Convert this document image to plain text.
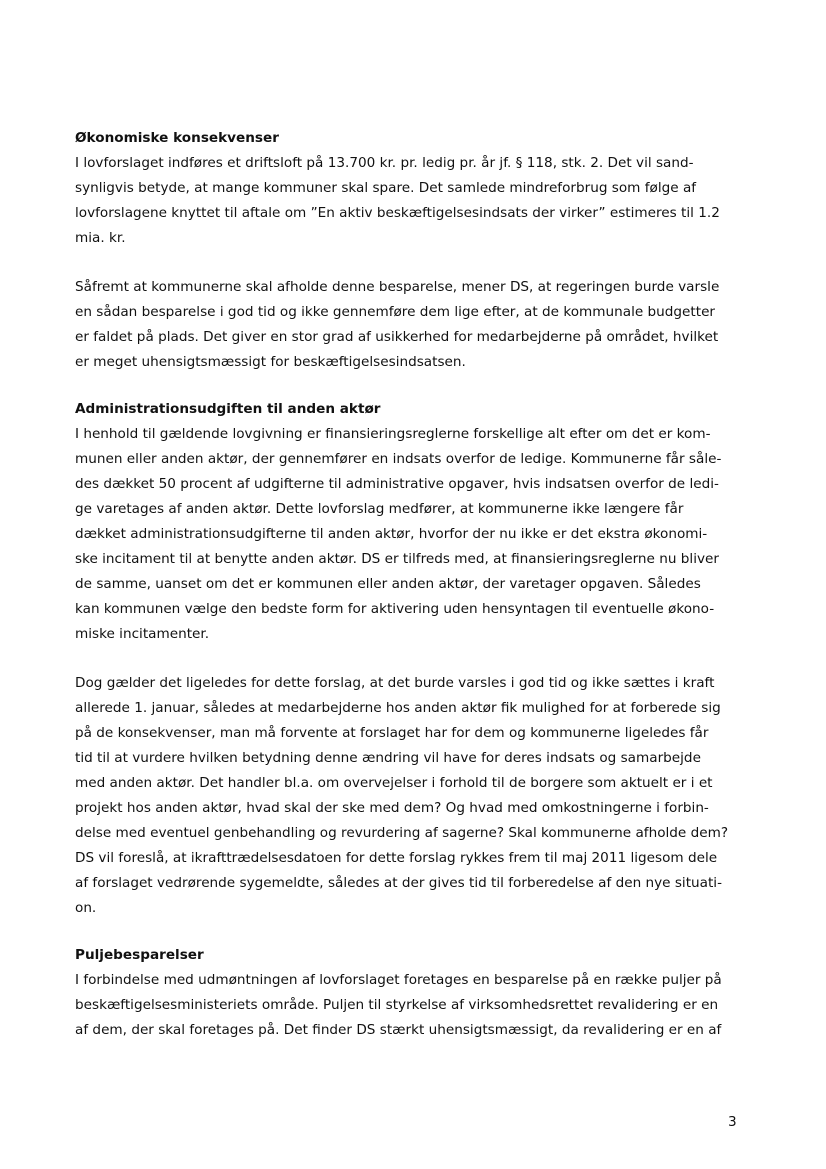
Økonomiske konsekvenser
I lovforslaget indføres et driftsloft på 13.700 kr. pr. ledig pr. år jf. § 118, stk. 2. Det vil sand-
synligvis betyde, at mange kommuner skal spare. Det samlede mindreforbrug som følge af
lovforslagene knyttet til aftale om ”En aktiv beskæftigelsesindsats der virker” estimeres til 1.2
mia. kr.
Såfremt at kommunerne skal afholde denne besparelse, mener DS, at regeringen burde varsle
en sådan besparelse i god tid og ikke gennemføre dem lige efter, at de kommunale budgetter
er faldet på plads. Det giver en stor grad af usikkerhed for medarbejderne på området, hvilket
er meget uhensigtsmæssigt for beskæftigelsesindsatsen.
Administrationsudgiften til anden aktør
I henhold til gældende lovgivning er finansieringsreglerne forskellige alt efter om det er kom-
munen eller anden aktør, der gennemfører en indsats overfor de ledige. Kommunerne får såle-
des dækket 50 procent af udgifterne til administrative opgaver, hvis indsatsen overfor de ledi-
ge varetages af anden aktør. Dette lovforslag medfører, at kommunerne ikke længere får
dækket administrationsudgifterne til anden aktør, hvorfor der nu ikke er det ekstra økonomi-
ske incitament til at benytte anden aktør. DS er tilfreds med, at finansieringsreglerne nu bliver
de samme, uanset om det er kommunen eller anden aktør, der varetager opgaven. Således
kan kommunen vælge den bedste form for aktivering uden hensyntagen til eventuelle økono-
miske incitamenter.
Dog gælder det ligeledes for dette forslag, at det burde varsles i god tid og ikke sættes i kraft
allerede 1. januar, således at medarbejderne hos anden aktør fik mulighed for at forberede sig
på de konsekvenser, man må forvente at forslaget har for dem og kommunerne ligeledes får
tid til at vurdere hvilken betydning denne ændring vil have for deres indsats og samarbejde
med anden aktør. Det handler bl.a. om overvejelser i forhold til de borgere som aktuelt er i et
projekt hos anden aktør, hvad skal der ske med dem? Og hvad med omkostningerne i forbin-
delse med eventuel genbehandling og revurdering af sagerne? Skal kommunerne afholde dem?
DS vil foreslå, at ikrafttrædelsesdatoen for dette forslag rykkes frem til maj 2011 ligesom dele
af forslaget vedrørende sygemeldte, således at der gives tid til forberedelse af den nye situati-
on.
Puljebesparelser
I forbindelse med udmøntningen af lovforslaget foretages en besparelse på en række puljer på
beskæftigelsesministeriets område. Puljen til styrkelse af virksomhedsrettet revalidering er en
af dem, der skal foretages på. Det finder DS stærkt uhensigtsmæssigt, da revalidering er en af
3
